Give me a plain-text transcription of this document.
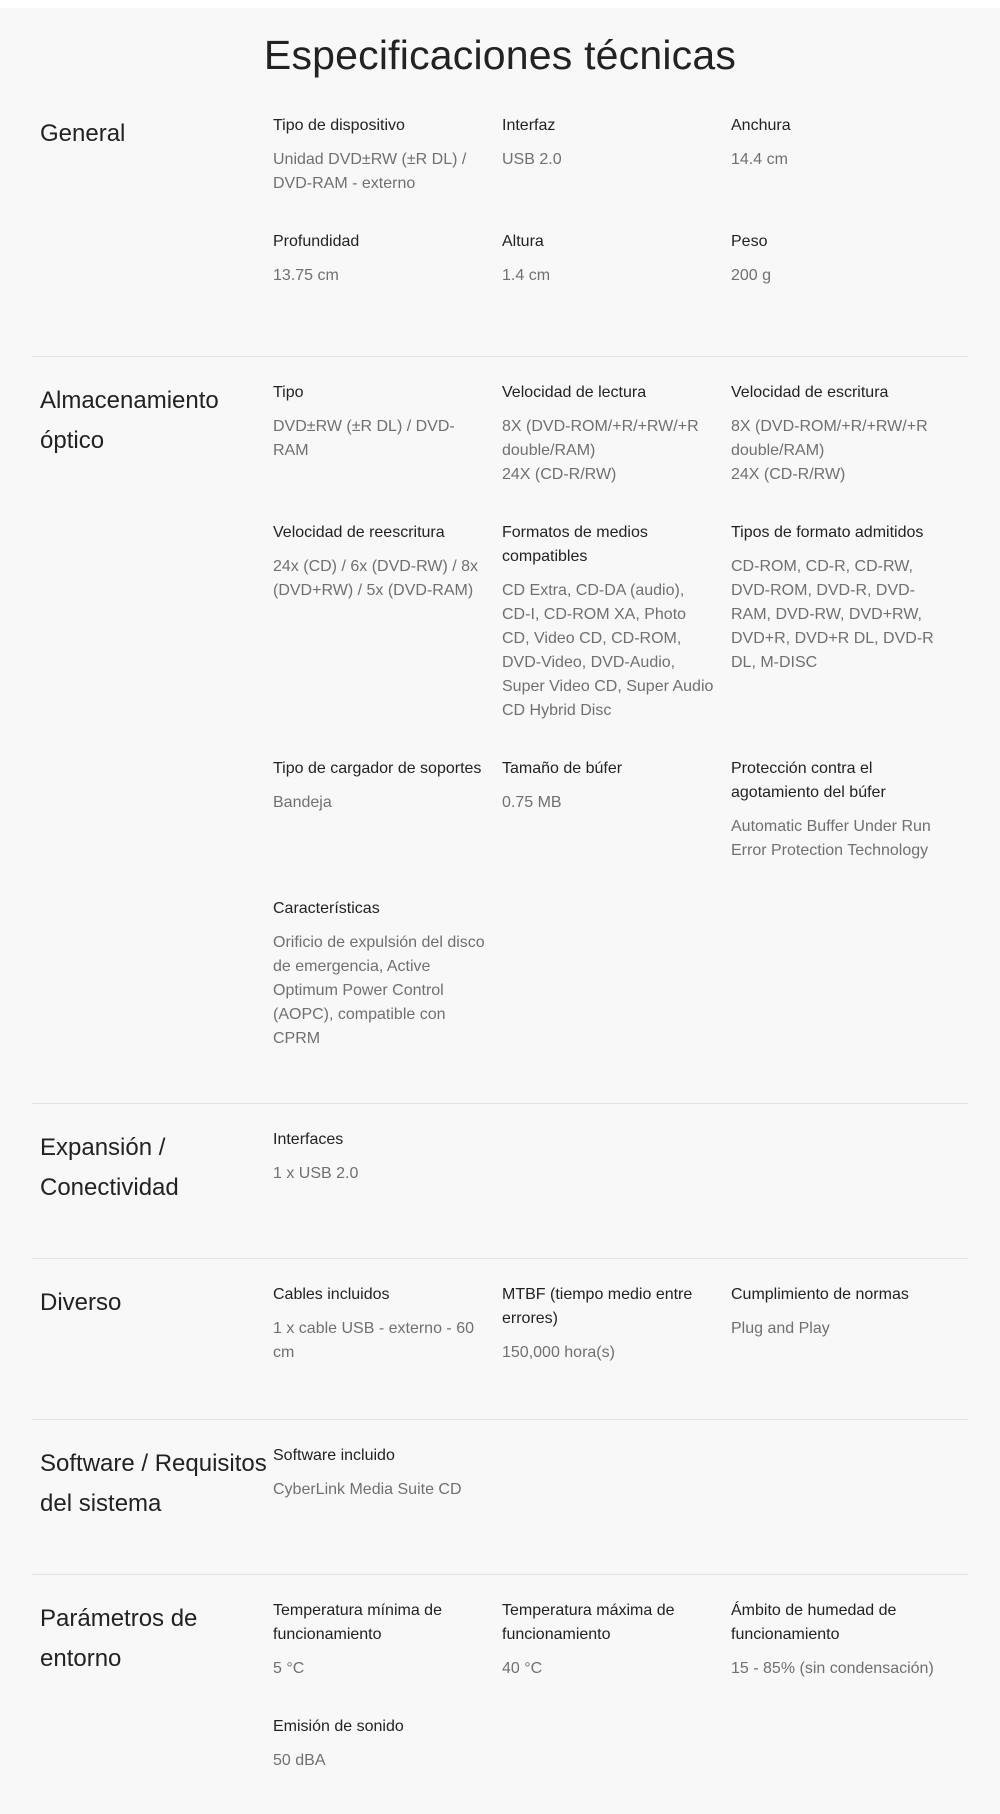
Especificaciones técnicas
General	Tipo de dispositivo
Unidad DVD±RW (±R DL) / DVD-RAM - externo
Interfaz
USB 2.0
Anchura
14.4 cm
Profundidad
13.75 cm
Altura
1.4 cm
Peso
200 g
Almacenamiento óptico
Tipo
DVD±RW (±R DL) / DVD-RAM
Velocidad de lectura
8X (DVD-ROM/+R/+RW/+R double/RAM)
24X (CD-R/RW)
Velocidad de escritura
8X (DVD-ROM/+R/+RW/+R double/RAM)
24X (CD-R/RW)
Velocidad de reescritura
24x (CD) / 6x (DVD-RW) / 8x (DVD+RW) / 5x (DVD-RAM)
Formatos de medios compatibles
CD Extra, CD-DA (audio), CD-I, CD-ROM XA, Photo CD, Video CD, CD-ROM, DVD-Video, DVD-Audio, Super Video CD, Super Audio CD Hybrid Disc
Tipos de formato admitidos
CD-ROM, CD-R, CD-RW, DVD-ROM, DVD-R, DVD-RAM, DVD-RW, DVD+RW, DVD+R, DVD+R DL, DVD-R DL, M-DISC
Tipo de cargador de soportes
Bandeja
Tamaño de búfer
0.75 MB
Protección contra el agotamiento del búfer
Automatic Buffer Under Run Error Protection Technology
Características
Orificio de expulsión del disco de emergencia, Active Optimum Power Control (AOPC), compatible con CPRM
Expansión / Conectividad
Interfaces
1 x USB 2.0
Diverso	Cables incluidos
1 x cable USB - externo - 60 cm
MTBF (tiempo medio entre errores)
150,000 hora(s)
Cumplimiento de normas
Plug and Play
Software / Requisitos del sistema
Software incluido
CyberLink Media Suite CD
Parámetros de entorno
Temperatura mínima de funcionamiento
5 °C
Temperatura máxima de funcionamiento
40 °C
Ámbito de humedad de funcionamiento
15 - 85% (sin condensación)
Emisión de sonido
50 dBA
